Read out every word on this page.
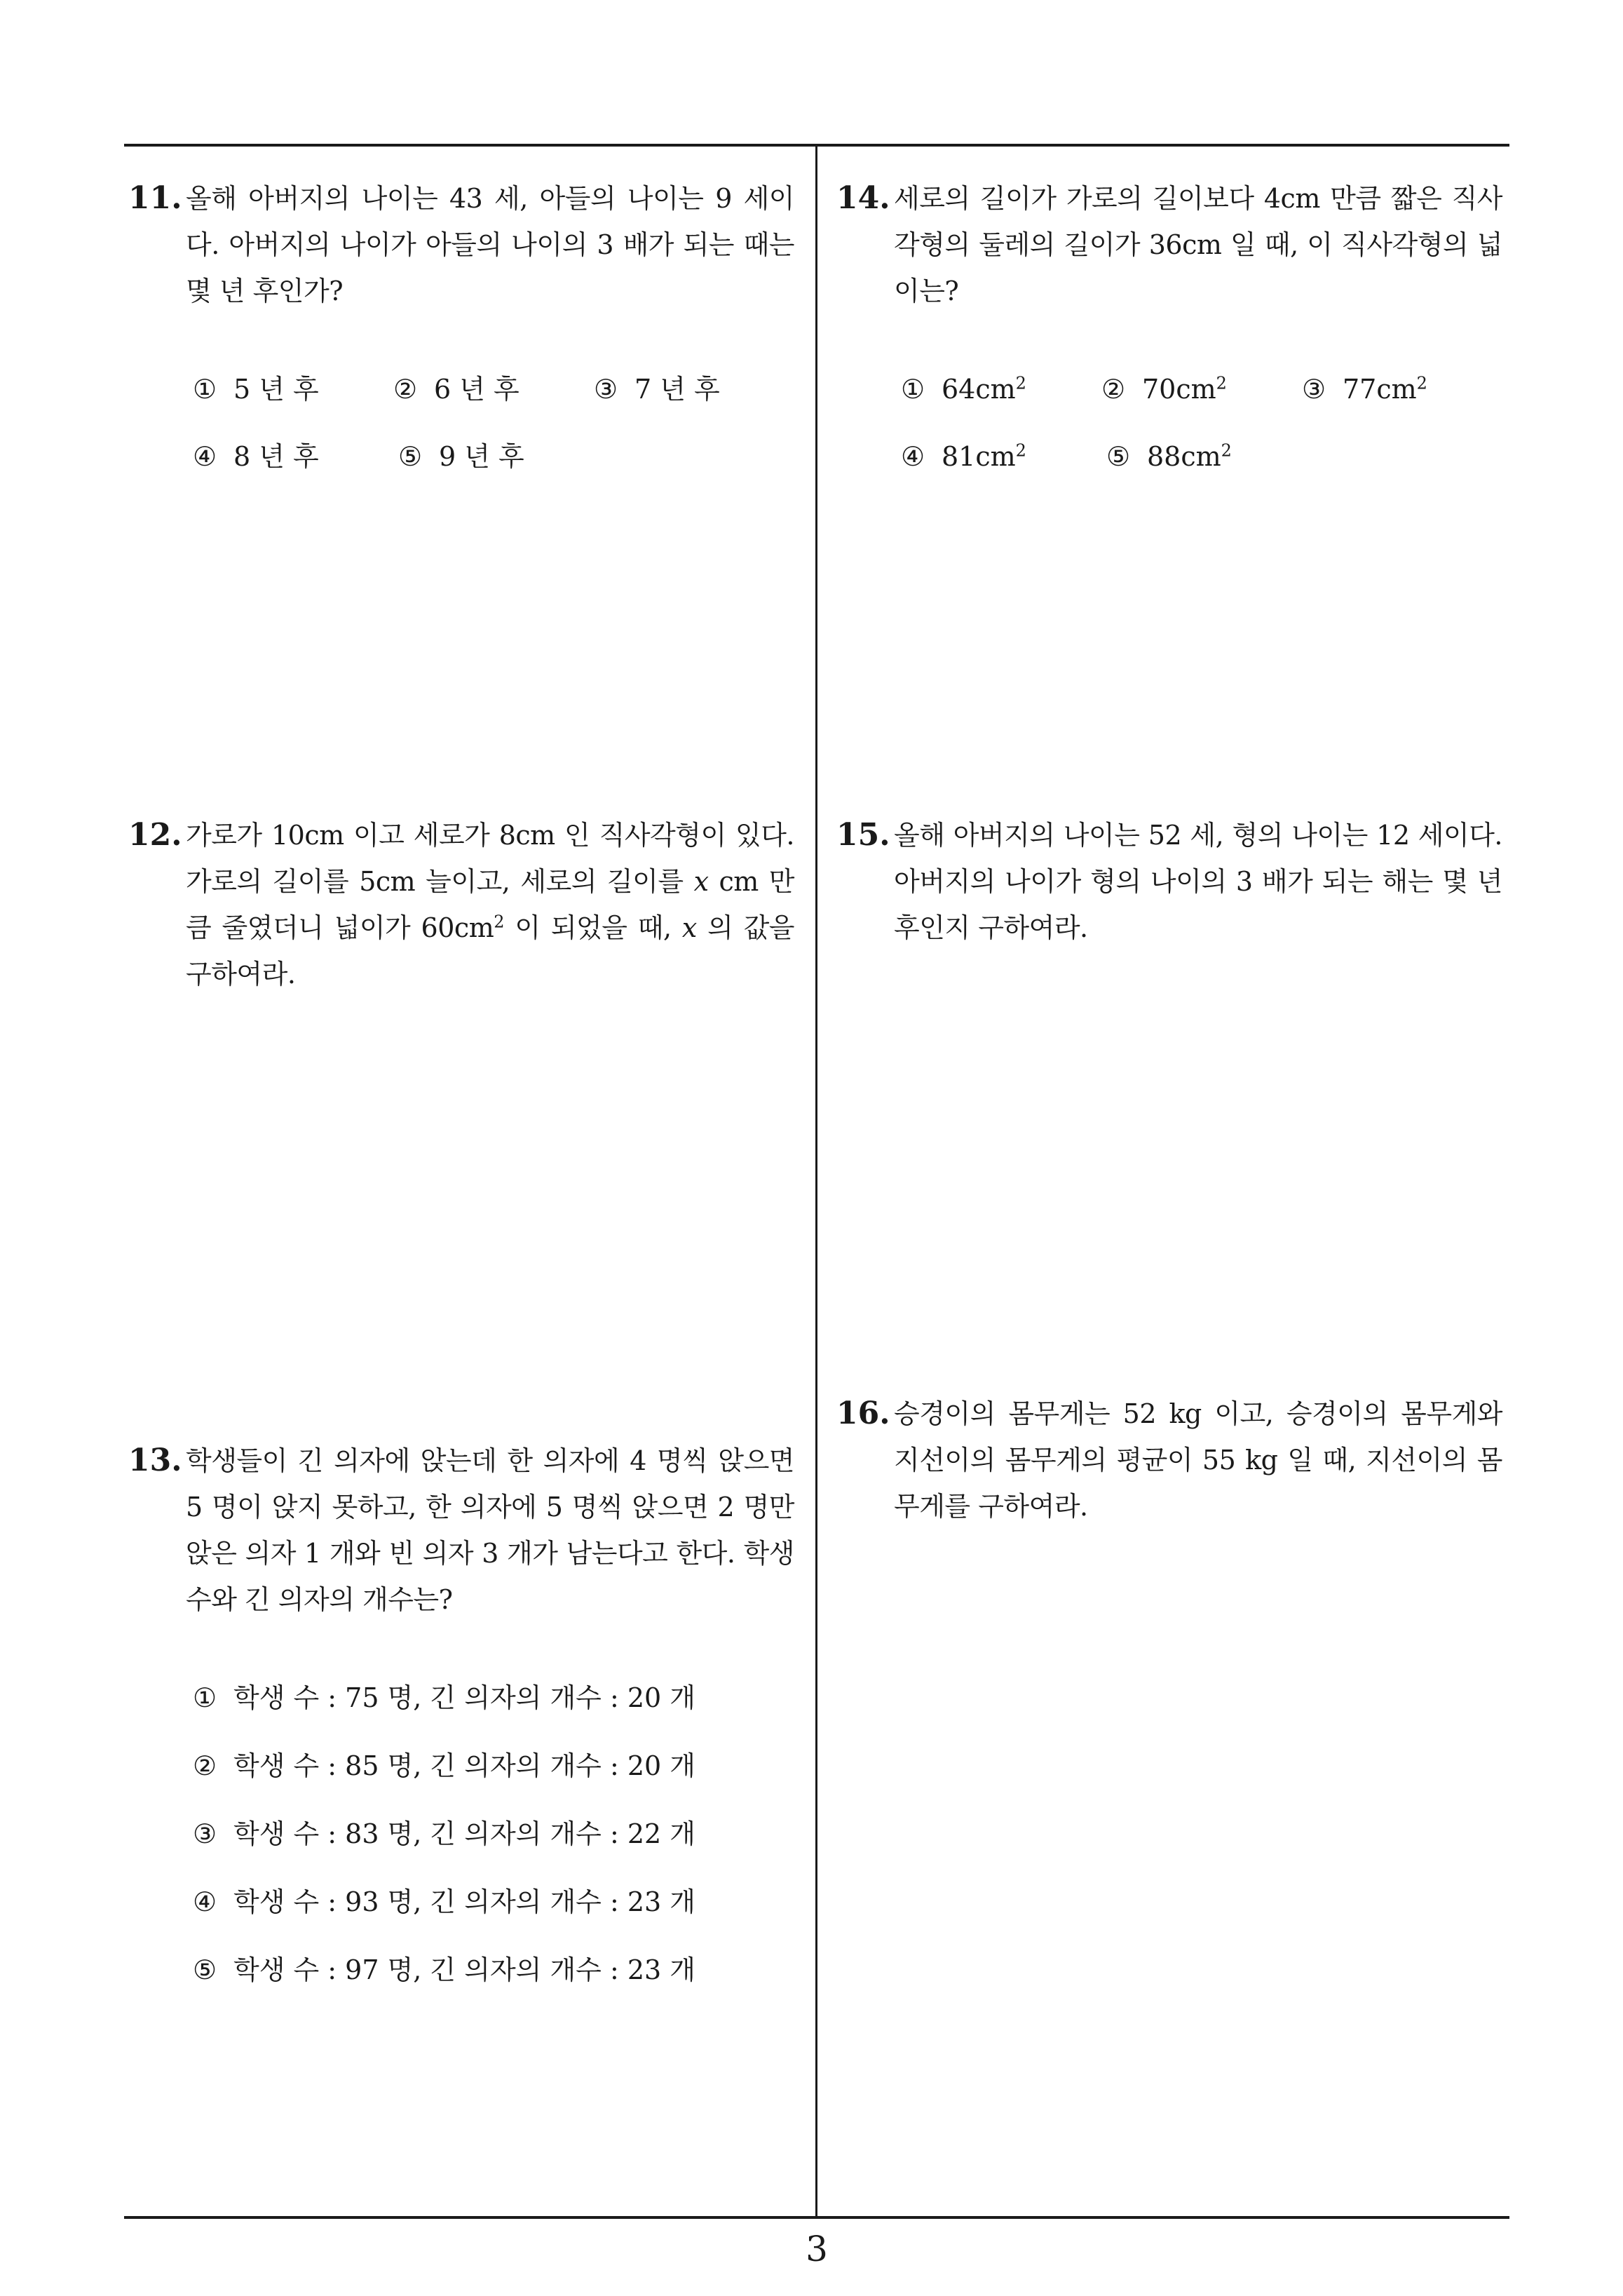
11. 올해 아버지의 나이는 43 세, 아들의 나이는 9 세이다. 아버지의 나이가 아들의 나이의 3 배가 되는 때는 몇 년 후인가?
① 5 년 후	② 6 년 후	③ 7 년 후
④ 8 년 후	⑤ 9 년 후
12. 가로가 10cm 이고 세로가 8cm 인 직사각형이 있다. 가로의 길이를 5cm 늘이고, 세로의 길이를 x cm 만큼 줄였더니 넓이가 $60cm^2$ 이 되었을 때, x 의 값을 구하여라.
13. 학생들이 긴 의자에 앉는데 한 의자에 4 명씩 앉으면 5 명이 앉지 못하고, 한 의자에 5 명씩 앉으면 2 명만 앉은 의자 1 개와 빈 의자 3 개가 남는다고 한다. 학생 수와 긴 의자의 개수는?
① 학생 수 : 75 명, 긴 의자의 개수 : 20 개
② 학생 수 : 85 명, 긴 의자의 개수 : 20 개
③ 학생 수 : 83 명, 긴 의자의 개수 : 22 개
④ 학생 수 : 93 명, 긴 의자의 개수 : 23 개
⑤ 학생 수 : 97 명, 긴 의자의 개수 : 23 개
14. 세로의 길이가 가로의 길이보다 4cm 만큼 짧은 직사각형의 둘레의 길이가 36cm 일 때, 이 직사각형의 넓이는?
① $64cm^2$	② $70cm^2$	③ $77cm^2$
④ $81cm^2$	⑤ $88cm^2$
15. 올해 아버지의 나이는 52 세, 형의 나이는 12 세이다. 아버지의 나이가 형의 나이의 3 배가 되는 해는 몇 년 후인지 구하여라.
16. 승경이의 몸무게는 52 kg 이고, 승경이의 몸무게와 지선이의 몸무게의 평균이 55 kg 일 때, 지선이의 몸무게를 구하여라.
3
